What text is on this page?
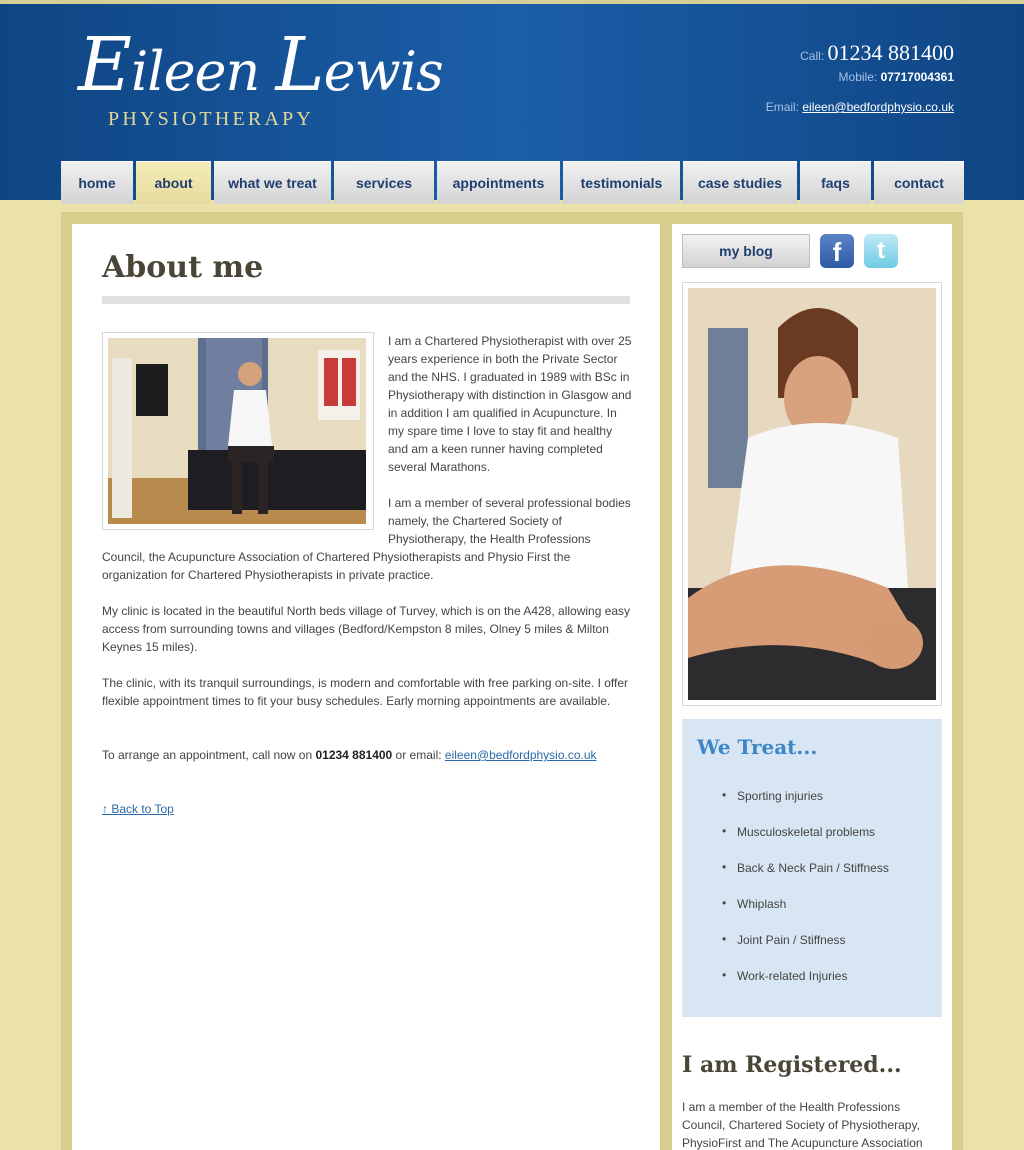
Eileen Lewis
PHYSIOTHERAPY
Call: 01234 881400
Mobile: 07717004361
Email: eileen@bedfordphysio.co.uk
home	about	what we treat	services	appointments	testimonials	case studies	faqs	contact
About me

I am a Chartered Physiotherapist with over 25 years experience in both the Private Sector and the NHS. I graduated in 1989 with BSc in Physiotherapy with distinction in Glasgow and in addition I am qualified in Acupuncture. In my spare time I love to stay fit and healthy and am a keen runner having completed several Marathons.

I am a member of several professional bodies namely, the Chartered Society of Physiotherapy, the Health Professions Council, the Acupuncture Association of Chartered Physiotherapists and Physio First the organization for Chartered Physiotherapists in private practice.

My clinic is located in the beautiful North beds village of Turvey, which is on the A428, allowing easy access from surrounding towns and villages (Bedford/Kempston 8 miles, Olney 5 miles & Milton Keynes 15 miles).

The clinic, with its tranquil surroundings, is modern and comfortable with free parking on-site. I offer flexible appointment times to fit your busy schedules. Early morning appointments are available.

To arrange an appointment, call now on 01234 881400 or email: eileen@bedfordphysio.co.uk

↑ Back to Top
my blog	f	t
We Treat...
• Sporting injuries
• Musculoskeletal problems
• Back & Neck Pain / Stiffness
• Whiplash
• Joint Pain / Stiffness
• Work-related Injuries
I am Registered...
I am a member of the Health Professions Council, Chartered Society of Physiotherapy, PhysioFirst and The Acupuncture Association
